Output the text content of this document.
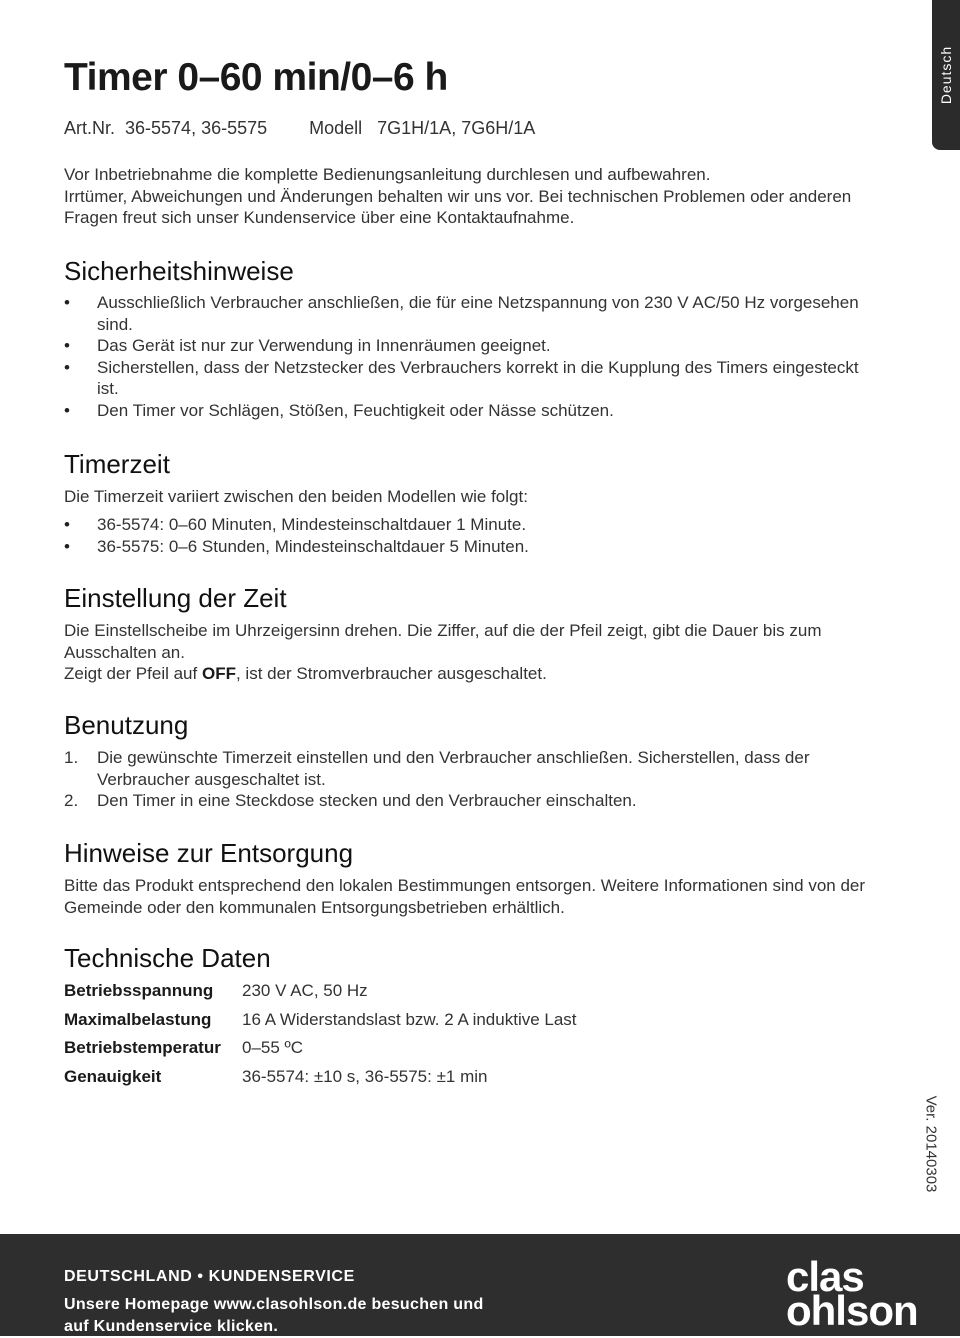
Deutsch
Timer 0–60 min/0–6 h
Art.Nr.  36-5574, 36-5575 Modell   7G1H/1A, 7G6H/1A

Vor Inbetriebnahme die komplette Bedienungsanleitung durchlesen und aufbewahren.

Irrtümer, Abweichungen und Änderungen behalten wir uns vor. Bei technischen Problemen oder anderen Fragen freut sich unser Kundenservice über eine Kontaktaufnahme.

Sicherheitshinweise
• Ausschließlich Verbraucher anschließen, die für eine Netzspannung von 230 V AC/50 Hz vorgesehen sind.
• Das Gerät ist nur zur Verwendung in Innenräumen geeignet.
• Sicherstellen, dass der Netzstecker des Verbrauchers korrekt in die Kupplung des Timers eingesteckt ist.
• Den Timer vor Schlägen, Stößen, Feuchtigkeit oder Nässe schützen.
Timerzeit

Die Timerzeit variiert zwischen den beiden Modellen wie folgt:

• 36-5574: 0–60 Minuten, Mindesteinschaltdauer 1 Minute.
• 36-5575: 0–6 Stunden, Mindesteinschaltdauer 5 Minuten.
Einstellung der Zeit

Die Einstellscheibe im Uhrzeigersinn drehen. Die Ziffer, auf die der Pfeil zeigt, gibt die Dauer bis zum Ausschalten an.

Zeigt der Pfeil auf OFF, ist der Stromverbraucher ausgeschaltet.

Benutzung
1. Die gewünschte Timerzeit einstellen und den Verbraucher anschließen. Sicherstellen, dass der Verbraucher ausgeschaltet ist.
2. Den Timer in eine Steckdose stecken und den Verbraucher einschalten.
Hinweise zur Entsorgung

Bitte das Produkt entsprechend den lokalen Bestimmungen entsorgen. Weitere Informationen sind von der Gemeinde oder den kommunalen Entsorgungsbetrieben erhältlich.

Technische Daten
Betriebsspannung	230 V AC, 50 Hz
Maximalbelastung	16 A Widerstandslast bzw. 2 A induktive Last
Betriebstemperatur	0–55 ºC
Genauigkeit	36-5574: ±10 s, 36-5575: ±1 min
Ver. 20140303
DEUTSCHLAND • KUNDENSERVICE

Unsere Homepage www.clasohlson.de besuchen und

auf Kundenservice klicken.

clas
ohlson
